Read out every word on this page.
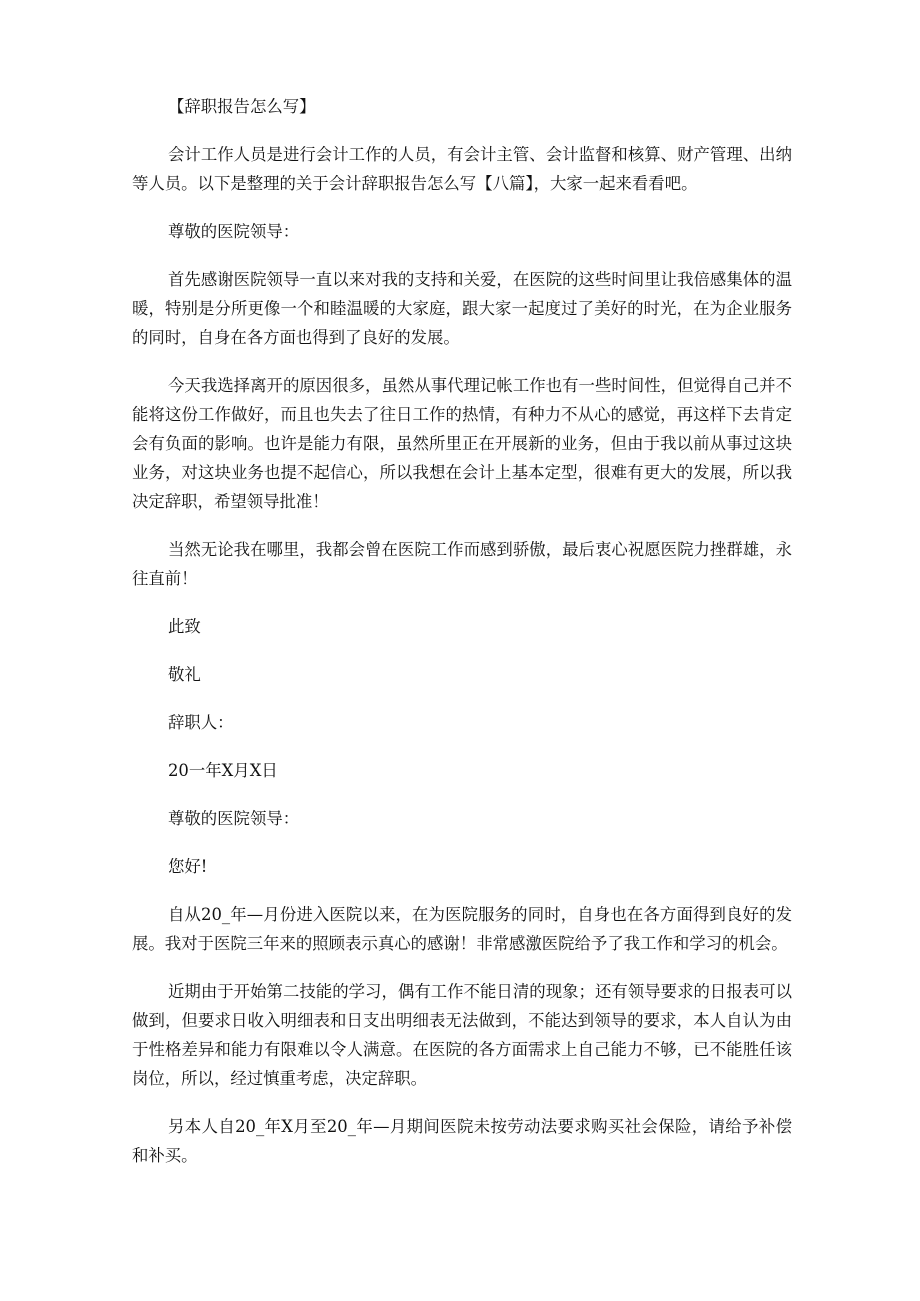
【辞职报告怎么写】

会计工作人员是进行会计工作的人员，有会计主管、会计监督和核算、财产管理、出纳等人员。以下是整理的关于会计辞职报告怎么写【八篇】，大家一起来看看吧。

尊敬的医院领导：

首先感谢医院领导一直以来对我的支持和关爱，在医院的这些时间里让我倍感集体的温暖，特别是分所更像一个和睦温暖的大家庭，跟大家一起度过了美好的时光，在为企业服务的同时，自身在各方面也得到了良好的发展。

今天我选择离开的原因很多，虽然从事代理记帐工作也有一些时间性，但觉得自己并不能将这份工作做好，而且也失去了往日工作的热情，有种力不从心的感觉，再这样下去肯定会有负面的影响。也许是能力有限，虽然所里正在开展新的业务，但由于我以前从事过这块业务，对这块业务也提不起信心，所以我想在会计上基本定型，很难有更大的发展，所以我决定辞职，希望领导批准！

当然无论我在哪里，我都会曾在医院工作而感到骄傲，最后衷心祝愿医院力挫群雄，永往直前！

此致

敬礼

辞职人：

20一年X月X日

尊敬的医院领导：

您好!

自从20_年—月份进入医院以来，在为医院服务的同时，自身也在各方面得到良好的发展。我对于医院三年来的照顾表示真心的感谢！非常感激医院给予了我工作和学习的机会。

近期由于开始第二技能的学习，偶有工作不能日清的现象；还有领导要求的日报表可以做到，但要求日收入明细表和日支出明细表无法做到，不能达到领导的要求，本人自认为由于性格差异和能力有限难以令人满意。在医院的各方面需求上自己能力不够，已不能胜任该岗位，所以，经过慎重考虑，决定辞职。

另本人自20_年X月至20_年—月期间医院未按劳动法要求购买社会保险，请给予补偿和补买。
